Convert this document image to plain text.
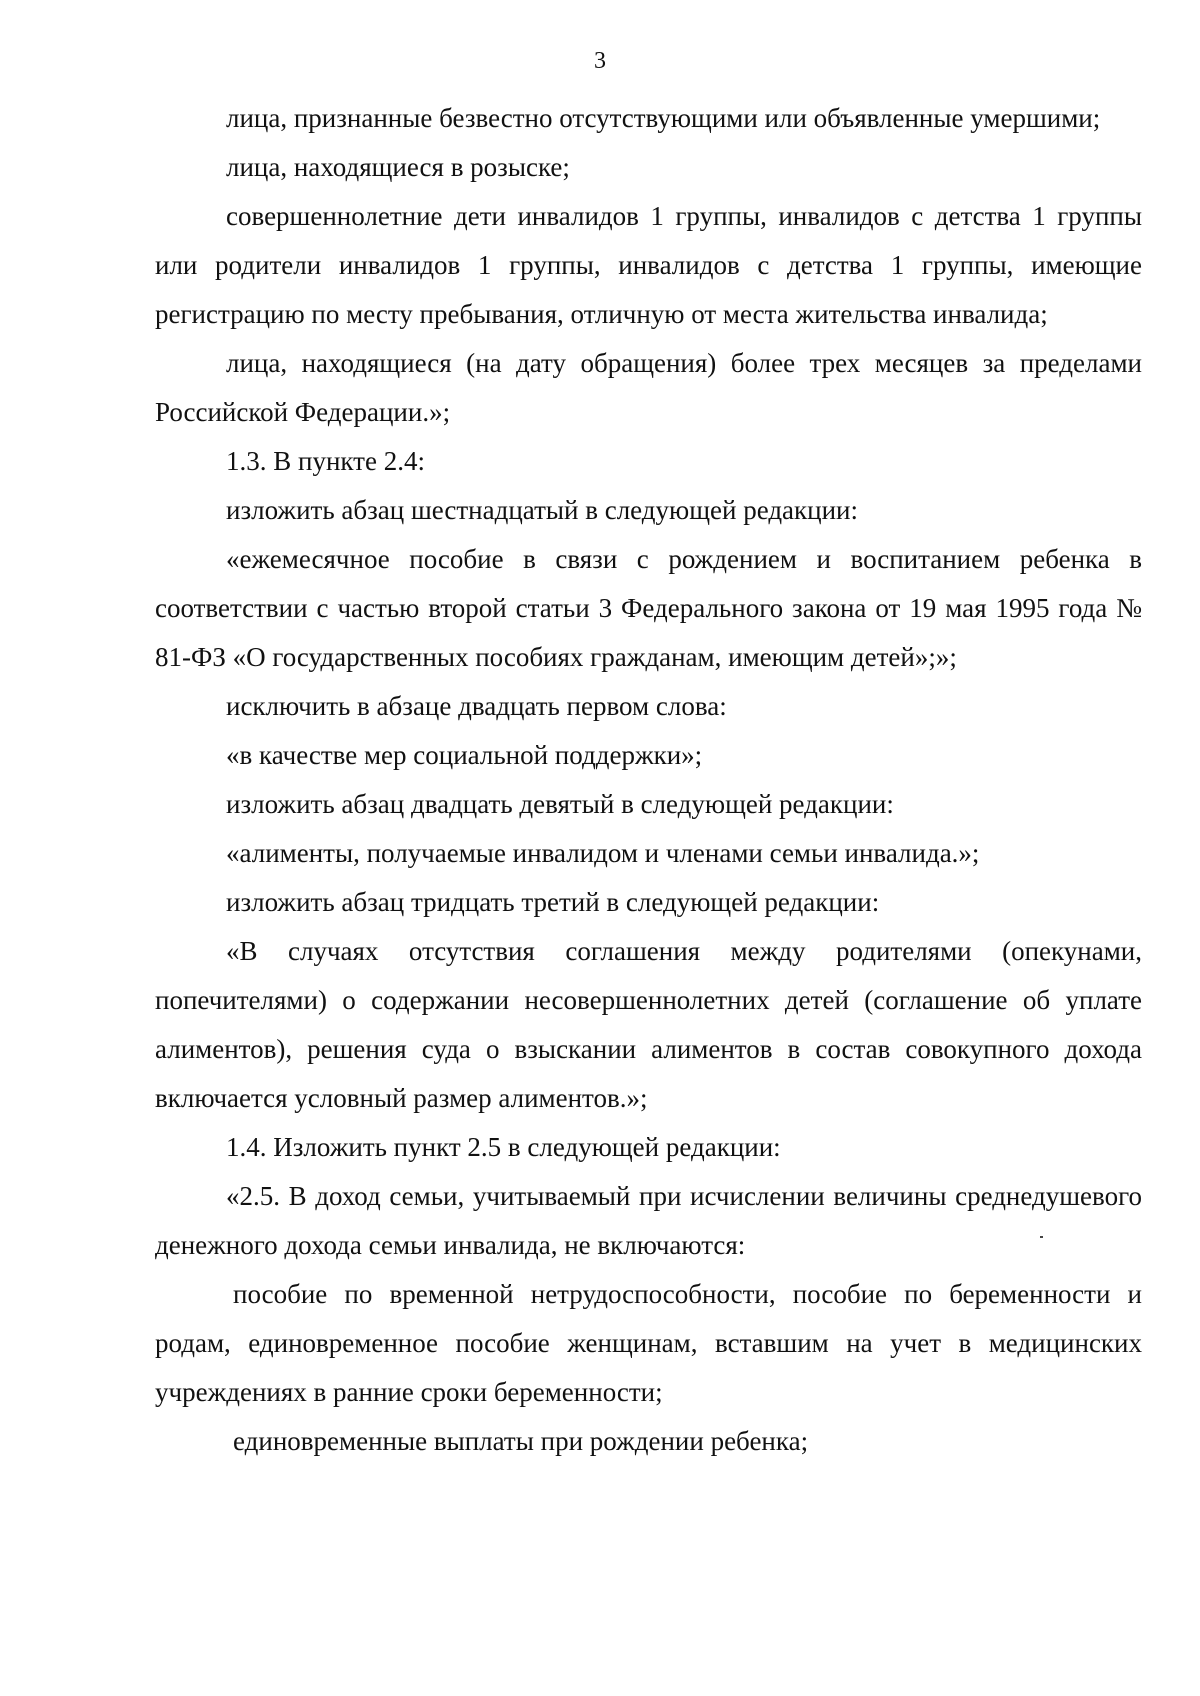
3

лица, признанные безвестно отсутствующими или объявленные умершими;

лица, находящиеся в розыске;

совершеннолетние дети инвалидов 1 группы, инвалидов с детства 1 группы или родители инвалидов 1 группы, инвалидов с детства 1 группы, имеющие регистрацию по месту пребывания, отличную от места жительства инвалида;

лица, находящиеся (на дату обращения) более трех месяцев за пределами Российской Федерации.»;

1.3. В пункте 2.4:

изложить абзац шестнадцатый в следующей редакции:

«ежемесячное пособие в связи с рождением и воспитанием ребенка в соответствии с частью второй статьи 3 Федерального закона от 19 мая 1995 года № 81-ФЗ «О государственных пособиях гражданам, имеющим детей»;»;

исключить в абзаце двадцать первом слова:

«в качестве мер социальной поддержки»;

изложить абзац двадцать девятый в следующей редакции:

«алименты, получаемые инвалидом и членами семьи инвалида.»;

изложить абзац тридцать третий в следующей редакции:

«В случаях отсутствия соглашения между родителями (опекунами, попечителями) о содержании несовершеннолетних детей (соглашение об уплате алиментов), решения суда о взыскании алиментов в состав совокупного дохода включается условный размер алиментов.»;

1.4. Изложить пункт 2.5 в следующей редакции:

«2.5. В доход семьи, учитываемый при исчислении величины среднедушевого денежного дохода семьи инвалида, не включаются:

пособие по временной нетрудоспособности, пособие по беременности и родам, единовременное пособие женщинам, вставшим на учет в медицинских учреждениях в ранние сроки беременности;

единовременные выплаты при рождении ребенка;
